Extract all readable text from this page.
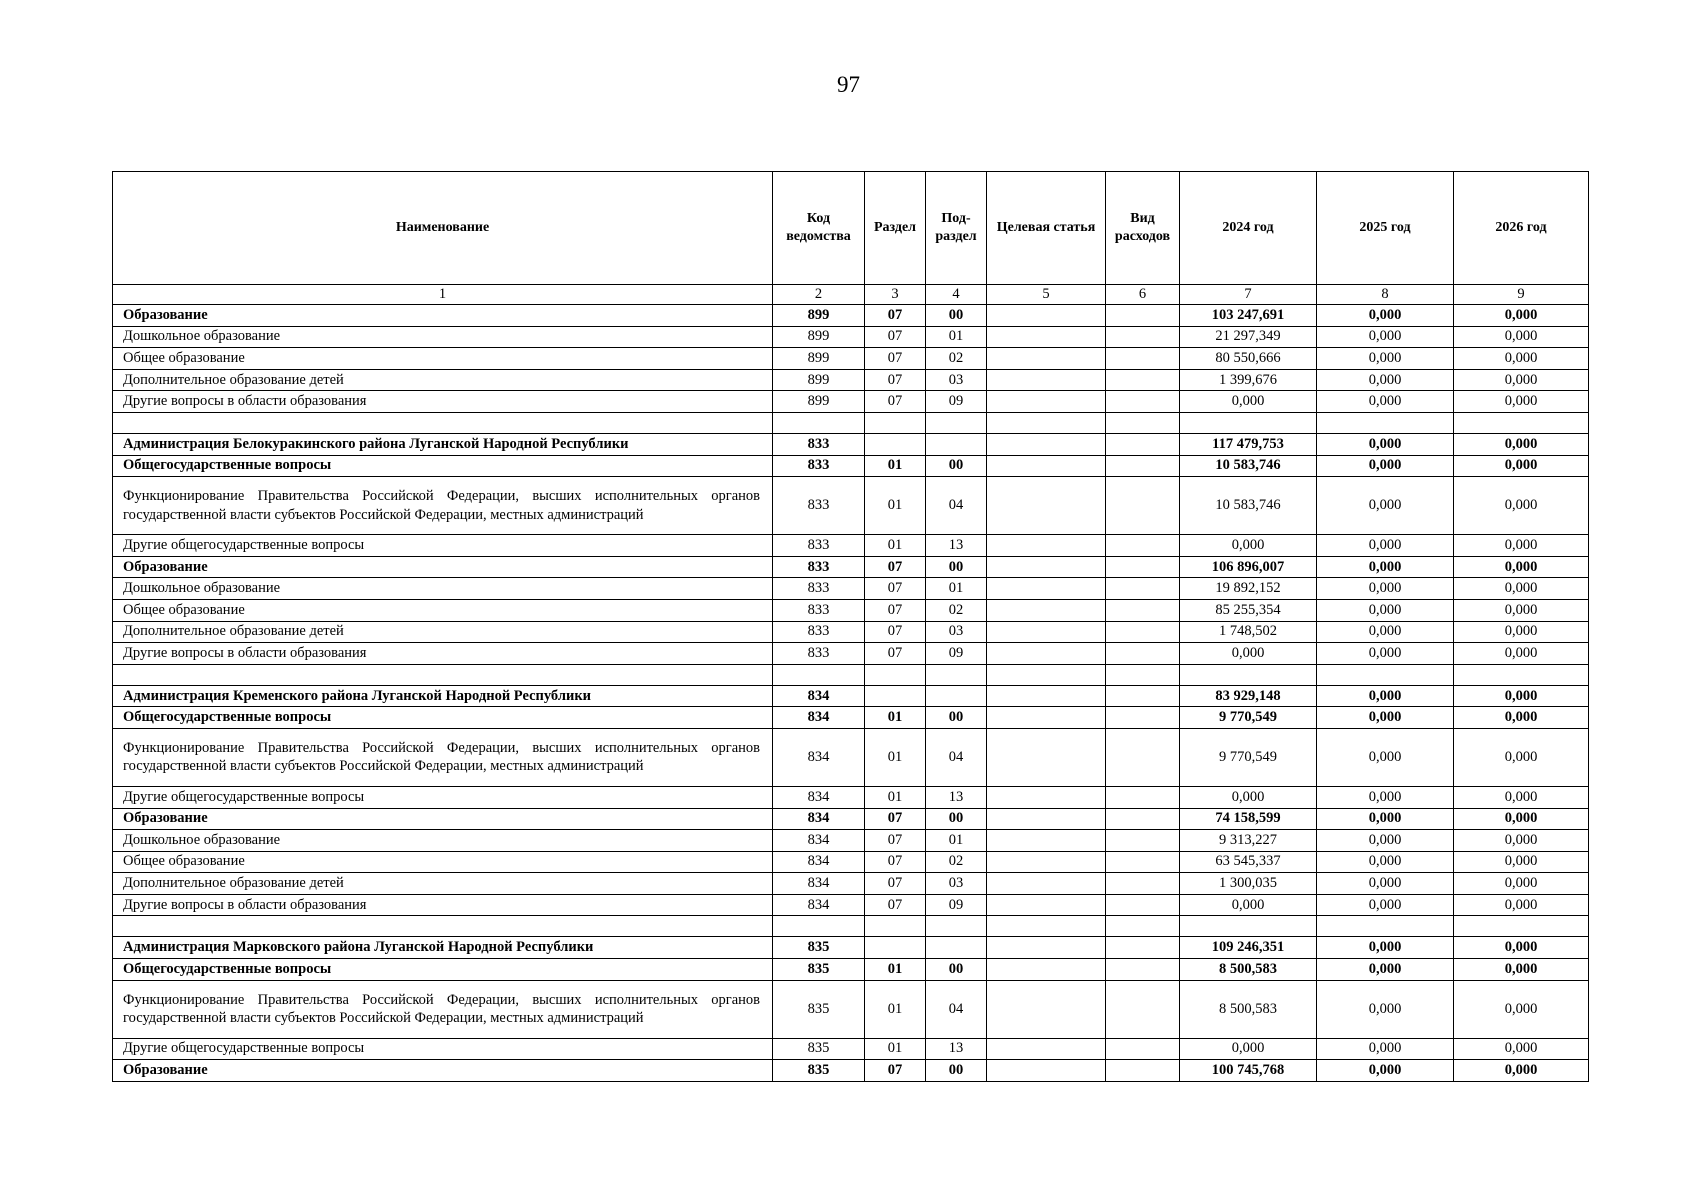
97
Наименование	Код ведомства	Раздел	Под-раздел	Целевая статья	Вид расходов	2024 год	2025 год	2026 год
1	2	3	4	5	6	7	8	9
Образование	899	07	00			103 247,691	0,000	0,000
Дошкольное образование	899	07	01			21 297,349	0,000	0,000
Общее образование	899	07	02			80 550,666	0,000	0,000
Дополнительное образование детей	899	07	03			1 399,676	0,000	0,000
Другие вопросы в области образования	899	07	09			0,000	0,000	0,000

Администрация Белокуракинского района Луганской Народной Республики	833					117 479,753	0,000	0,000
Общегосударственные вопросы	833	01	00			10 583,746	0,000	0,000
Функционирование Правительства Российской Федерации, высших исполнительных органов государственной власти субъектов Российской Федерации, местных администраций	833	01	04			10 583,746	0,000	0,000
Другие общегосударственные вопросы	833	01	13			0,000	0,000	0,000
Образование	833	07	00			106 896,007	0,000	0,000
Дошкольное образование	833	07	01			19 892,152	0,000	0,000
Общее образование	833	07	02			85 255,354	0,000	0,000
Дополнительное образование детей	833	07	03			1 748,502	0,000	0,000
Другие вопросы в области образования	833	07	09			0,000	0,000	0,000

Администрация Кременского района Луганской Народной Республики	834					83 929,148	0,000	0,000
Общегосударственные вопросы	834	01	00			9 770,549	0,000	0,000
Функционирование Правительства Российской Федерации, высших исполнительных органов государственной власти субъектов Российской Федерации, местных администраций	834	01	04			9 770,549	0,000	0,000
Другие общегосударственные вопросы	834	01	13			0,000	0,000	0,000
Образование	834	07	00			74 158,599	0,000	0,000
Дошкольное образование	834	07	01			9 313,227	0,000	0,000
Общее образование	834	07	02			63 545,337	0,000	0,000
Дополнительное образование детей	834	07	03			1 300,035	0,000	0,000
Другие вопросы в области образования	834	07	09			0,000	0,000	0,000

Администрация Марковского района Луганской Народной Республики	835					109 246,351	0,000	0,000
Общегосударственные вопросы	835	01	00			8 500,583	0,000	0,000
Функционирование Правительства Российской Федерации, высших исполнительных органов государственной власти субъектов Российской Федерации, местных администраций	835	01	04			8 500,583	0,000	0,000
Другие общегосударственные вопросы	835	01	13			0,000	0,000	0,000
Образование	835	07	00			100 745,768	0,000	0,000
